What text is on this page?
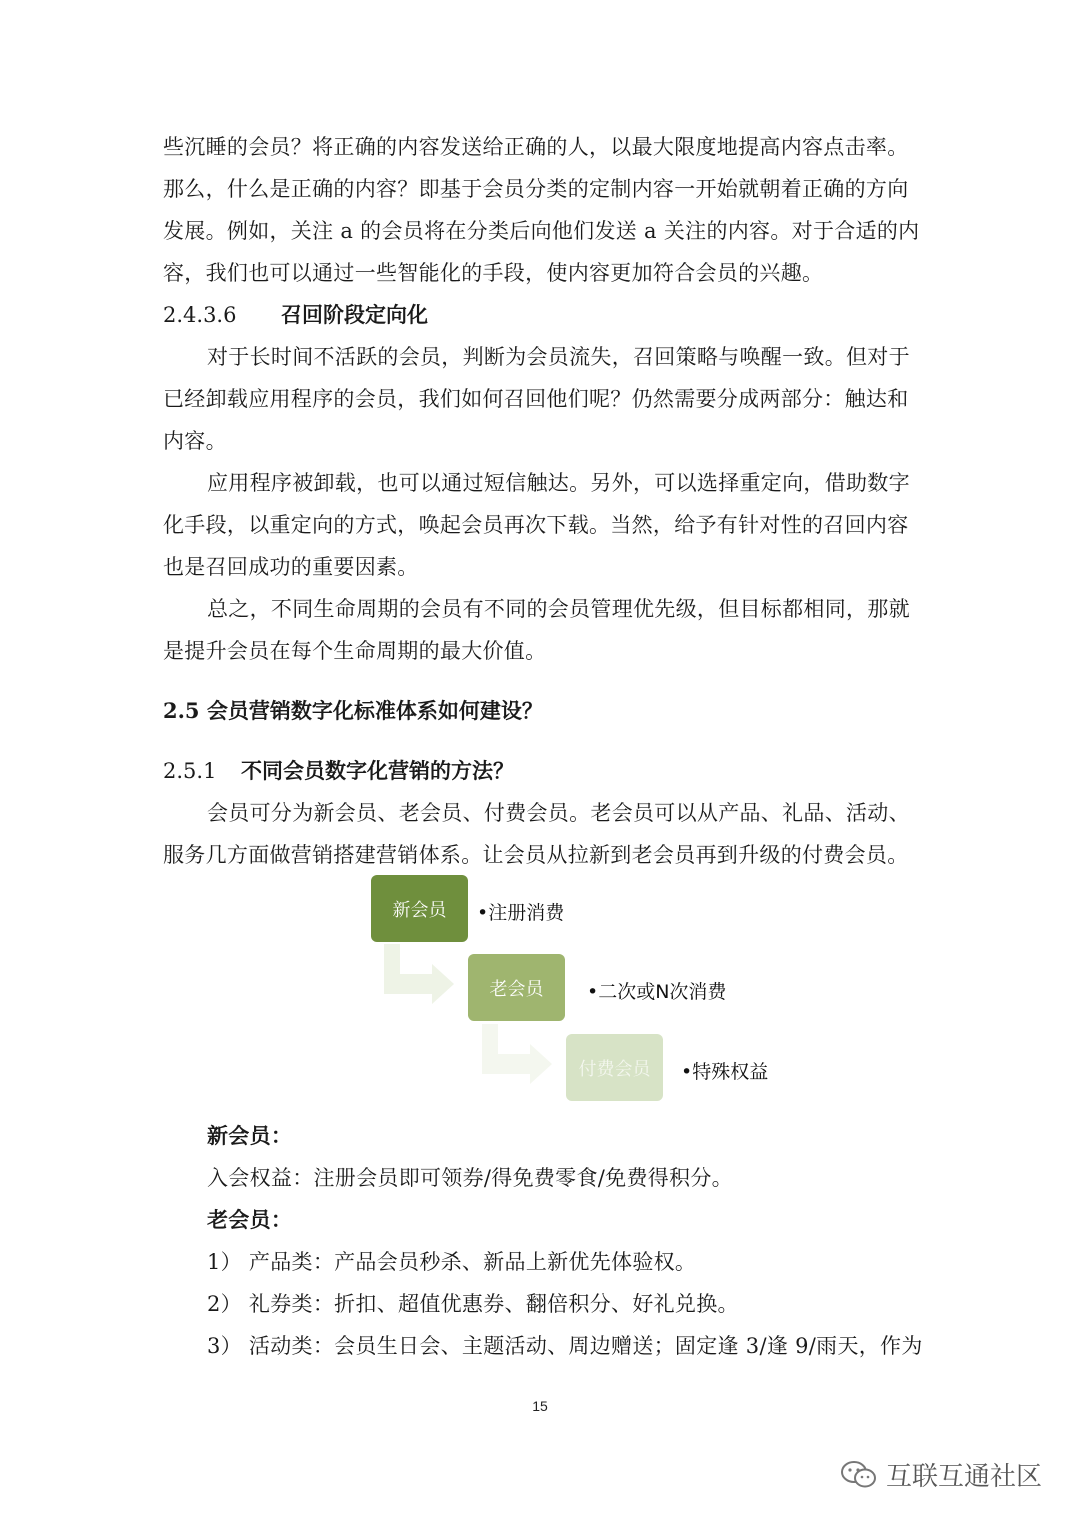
些沉睡的会员？将正确的内容发送给正确的人，以最大限度地提高内容点击率。
那么，什么是正确的内容？即基于会员分类的定制内容一开始就朝着正确的方向
发展。例如，关注 a 的会员将在分类后向他们发送 a 关注的内容。对于合适的内
容，我们也可以通过一些智能化的手段，使内容更加符合会员的兴趣。
2.4.3.6 召回阶段定向化
对于长时间不活跃的会员，判断为会员流失，召回策略与唤醒一致。但对于
已经卸载应用程序的会员，我们如何召回他们呢？仍然需要分成两部分：触达和
内容。
应用程序被卸载，也可以通过短信触达。另外，可以选择重定向，借助数字
化手段，以重定向的方式，唤起会员再次下载。当然，给予有针对性的召回内容
也是召回成功的重要因素。
总之，不同生命周期的会员有不同的会员管理优先级，但目标都相同，那就
是提升会员在每个生命周期的最大价值。
2.5 会员营销数字化标准体系如何建设？
2.5.1 不同会员数字化营销的方法？
会员可分为新会员、老会员、付费会员。老会员可以从产品、礼品、活动、
服务几方面做营销搭建营销体系。让会员从拉新到老会员再到升级的付费会员。
新会员	•注册消费
老会员	•二次或N次消费
付费会员	•特殊权益
新会员：
入会权益：注册会员即可领券/得免费零食/免费得积分。
老会员：
1） 产品类：产品会员秒杀、新品上新优先体验权。
2） 礼券类：折扣、超值优惠券、翻倍积分、好礼兑换。
3） 活动类：会员生日会、主题活动、周边赠送；固定逢 3/逢 9/雨天，作为
15
互联互通社区
